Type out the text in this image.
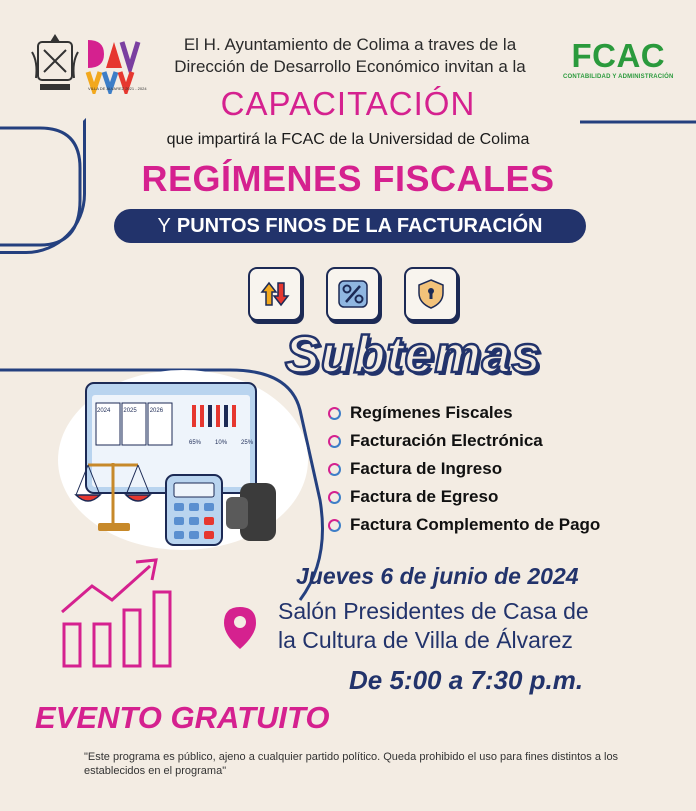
VILLA DE ÁLVAREZ 2021 - 2024
El H. Ayuntamiento de Colima a traves de la
Dirección de Desarrollo Económico invitan a la	FCAC
CONTABILIDAD Y ADMINISTRACIÓN
CAPACITACIÓN
que impartirá la FCAC de la Universidad de Colima
REGÍMENES FISCALES
Y PUNTOS FINOS DE LA FACTURACIÓN
Subtemas
2024 2025 2026
65% 10% 25%
Regímenes Fiscales
Facturación Electrónica
Factura de Ingreso
Factura de Egreso
Factura Complemento de Pago
Jueves 6 de junio de 2024
Salón Presidentes de Casa de
la Cultura de Villa de Álvarez
De 5:00 a 7:30 p.m.
EVENTO GRATUITO
"Este programa es público, ajeno a cualquier partido político. Queda prohibido el uso para fines distintos a los establecidos en el programa"
